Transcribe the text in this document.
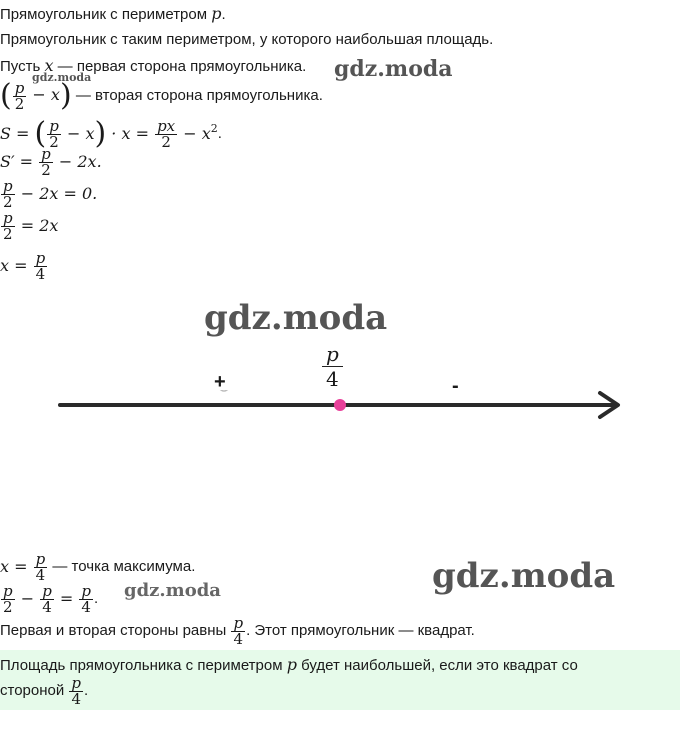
Прямоугольник с периметром p.
Прямоугольник с таким периметром, у которого наибольшая площадь.
Пусть x — первая сторона прямоугольника.
( $\frac{p}{2} - x$) — вторая сторона прямоугольника.
S = ( $\frac{p}{2} - x) \cdot x = \frac{px}{2} - x^2$.
$S' = \frac{p}{2} - 2x$.
$\frac{p}{2} - 2x = 0$.
$\frac{p}{2} = 2x$
$x = \frac{p}{4}$
$\frac{p}{4}$
+	-
$x = \frac{p}{4}$ — точка максимума.
$\frac{p}{2} - \frac{p}{4} = \frac{p}{4}$ .
Первая и вторая стороны равны $\frac{p}{4}$ . Этот прямоугольник — квадрат.
Площадь прямоугольника с периметром p будет наибольшей, если это квадрат со
стороной $\frac{p}{4}$ .
gdz.moda
gdz.moda
gdz.moda
gdz.moda
gdz.moda
